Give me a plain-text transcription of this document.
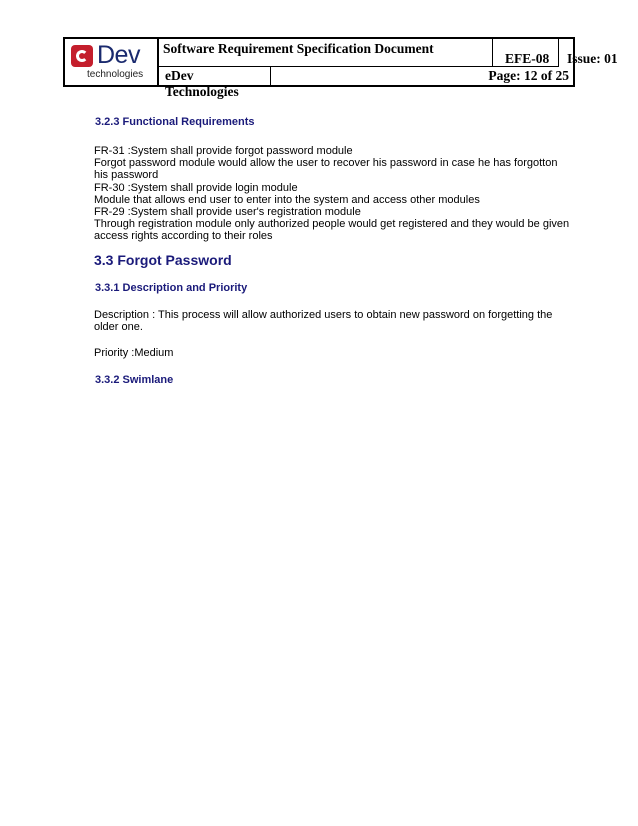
Dev
technologies
Software Requirement Specification Document
EFE-08	Issue: 01
eDev Technologies
Page: 12 of 25
3.2.3 Functional Requirements
FR-31 :System shall provide forgot password module
Forgot password module would allow the user to recover his password in case he has forgotton
his password
FR-30 :System shall provide login module
Module that allows end user to enter into the system and access other modules
FR-29 :System shall provide user's registration module
Through registration module only authorized people would get registered and they would be given
access rights according to their roles
3.3 Forgot Password
3.3.1 Description and Priority
Description : This process will allow authorized users to obtain new password on forgetting the
older one.
Priority :Medium
3.3.2 Swimlane
